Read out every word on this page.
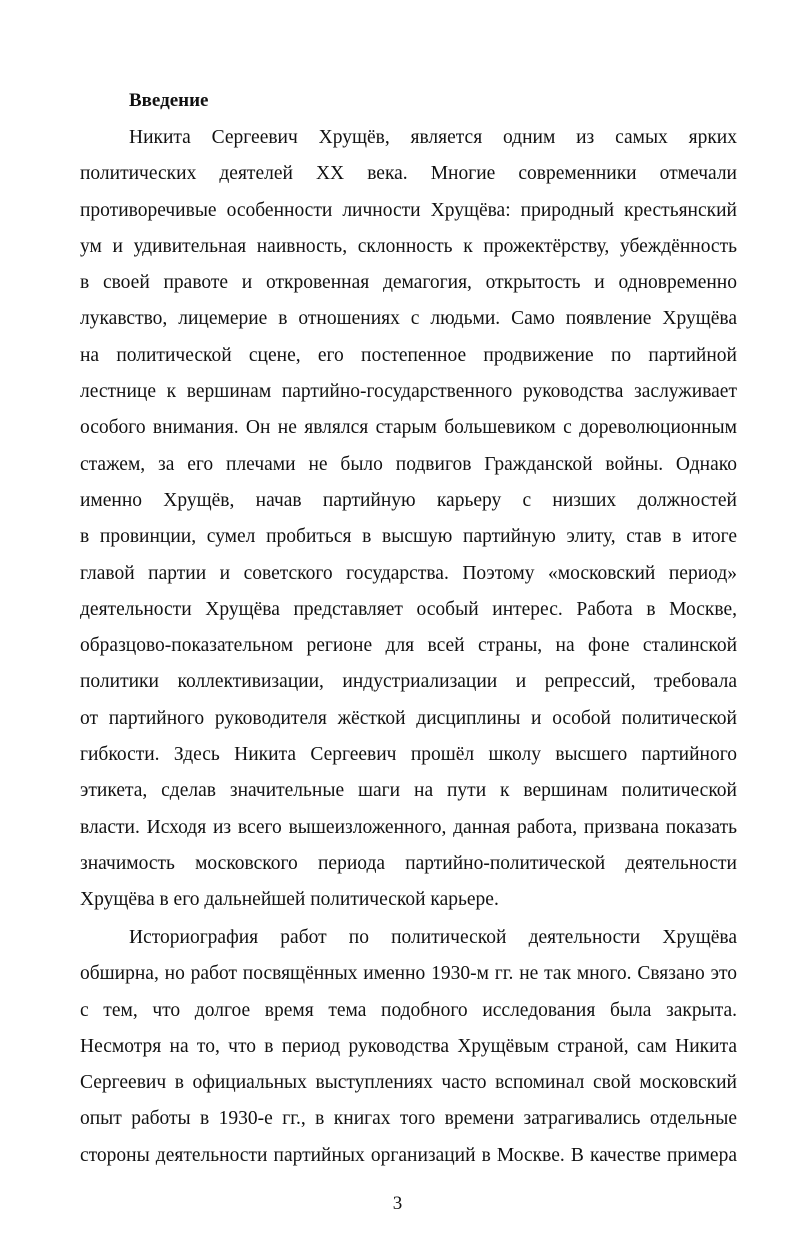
Введение
Никита Сергеевич Хрущёв, является одним из самых ярких
политических деятелей XX века. Многие современники отмечали
противоречивые особенности личности Хрущёва: природный крестьянский
ум и удивительная наивность, склонность к прожектёрству, убеждённость
в своей правоте и откровенная демагогия, открытость и одновременно
лукавство, лицемерие в отношениях с людьми. Само появление Хрущёва
на политической сцене, его постепенное продвижение по партийной
лестнице к вершинам партийно-государственного руководства заслуживает
особого внимания. Он не являлся старым большевиком с дореволюционным
стажем, за его плечами не было подвигов Гражданской войны. Однако
именно Хрущёв, начав партийную карьеру с низших должностей
в провинции, сумел пробиться в высшую партийную элиту, став в итоге
главой партии и советского государства. Поэтому «московский период»
деятельности Хрущёва представляет особый интерес. Работа в Москве,
образцово-показательном регионе для всей страны, на фоне сталинской
политики коллективизации, индустриализации и репрессий, требовала
от партийного руководителя жёсткой дисциплины и особой политической
гибкости. Здесь Никита Сергеевич прошёл школу высшего партийного
этикета, сделав значительные шаги на пути к вершинам политической
власти. Исходя из всего вышеизложенного, данная работа, призвана показать
значимость московского периода партийно-политической деятельности
Хрущёва в его дальнейшей политической карьере.
Историография работ по политической деятельности Хрущёва
обширна, но работ посвящённых именно 1930-м гг. не так много. Связано это
с тем, что долгое время тема подобного исследования была закрыта.
Несмотря на то, что в период руководства Хрущёвым страной, сам Никита
Сергеевич в официальных выступлениях часто вспоминал свой московский
опыт работы в 1930-е гг., в книгах того времени затрагивались отдельные
стороны деятельности партийных организаций в Москве. В качестве примера
3
